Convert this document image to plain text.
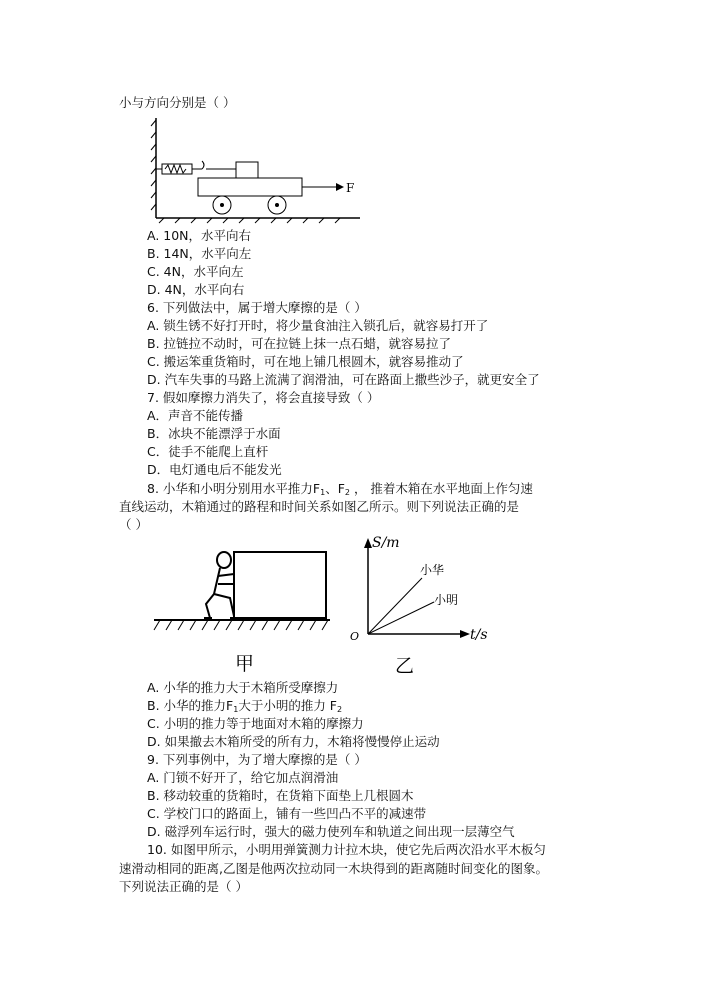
小与方向分别是（ ）
F
A. 10N，水平向右
B. 14N，水平向左
C. 4N，水平向左
D. 4N，水平向右
6. 下列做法中，属于增大摩擦的是（ ）
A. 锁生锈不好打开时，将少量食油注入锁孔后，就容易打开了
B. 拉链拉不动时，可在拉链上抹一点石蜡，就容易拉了
C. 搬运笨重货箱时，可在地上铺几根圆木，就容易推动了
D. 汽车失事的马路上流满了润滑油，可在路面上撒些沙子，就更安全了
7. 假如摩擦力消失了，将会直接导致（ ）
A．声音不能传播
B．冰块不能漂浮于水面
C．徒手不能爬上直杆
D．电灯通电后不能发光
8. 小华和小明分别用水平推力$F_1$、$F_2$ ， 推着木箱在水平地面上作匀速
直线运动，木箱通过的路程和时间关系如图乙所示。则下列说法正确的是
（ ）
甲
S/m
t/s
O
小华
小明
乙
A. 小华的推力大于木箱所受摩擦力
B. 小华的推力$F_1$大于小明的推力 $F_2$
C. 小明的推力等于地面对木箱的摩擦力
D. 如果撤去木箱所受的所有力，木箱将慢慢停止运动
9. 下列事例中，为了增大摩擦的是（ ）
A. 门锁不好开了，给它加点润滑油
B. 移动较重的货箱时，在货箱下面垫上几根圆木
C. 学校门口的路面上，铺有一些凹凸不平的减速带
D. 磁浮列车运行时，强大的磁力使列车和轨道之间出现一层薄空气
10. 如图甲所示，小明用弹簧测力计拉木块，使它先后两次沿水平木板匀
速滑动相同的距离,乙图是他两次拉动同一木块得到的距离随时间变化的图象。
下列说法正确的是（ ）
